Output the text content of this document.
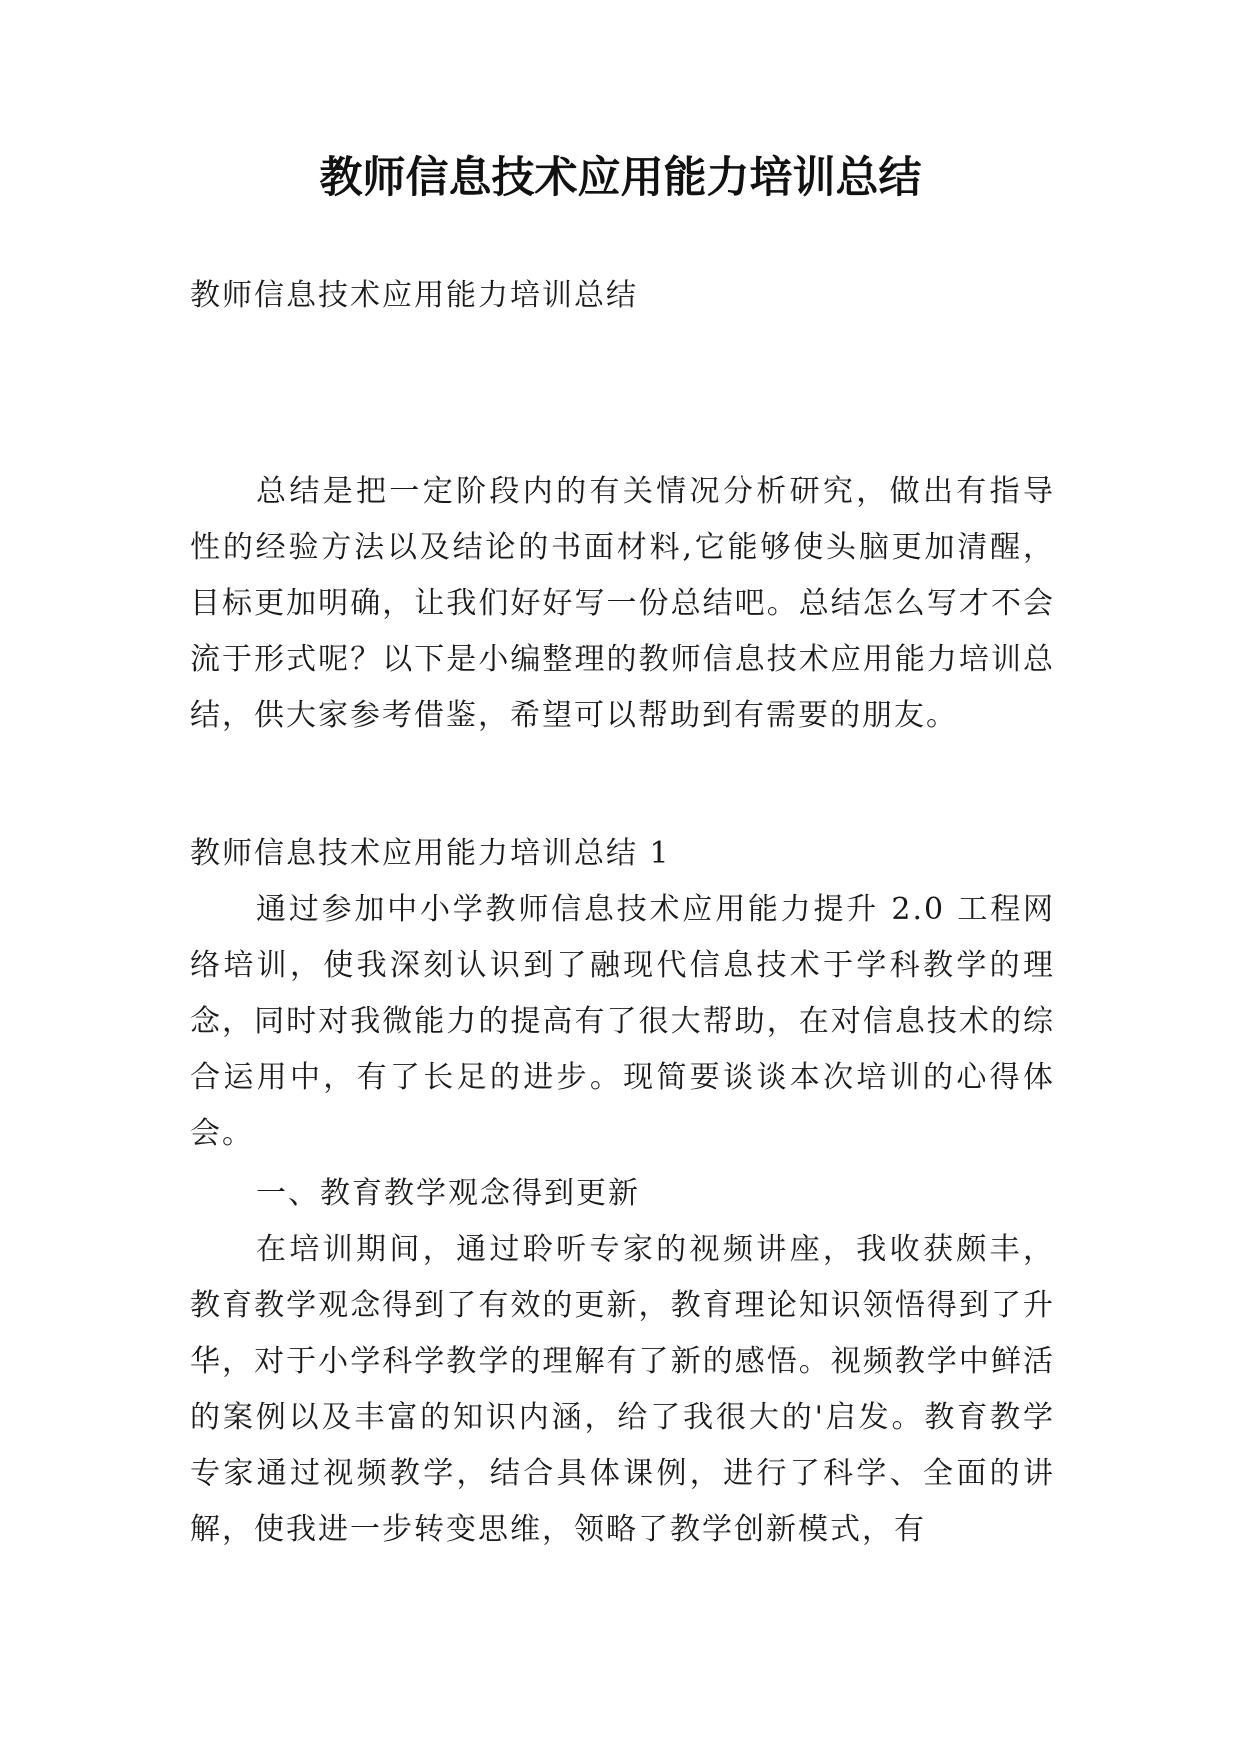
教师信息技术应用能力培训总结

教师信息技术应用能力培训总结

总结是把一定阶段内的有关情况分析研究，做出有指导性的经验方法以及结论的书面材料,它能够使头脑更加清醒，目标更加明确，让我们好好写一份总结吧。总结怎么写才不会流于形式呢？以下是小编整理的教师信息技术应用能力培训总结，供大家参考借鉴，希望可以帮助到有需要的朋友。

教师信息技术应用能力培训总结 1

通过参加中小学教师信息技术应用能力提升 2.0 工程网络培训，使我深刻认识到了融现代信息技术于学科教学的理念，同时对我微能力的提高有了很大帮助，在对信息技术的综合运用中，有了长足的进步。现简要谈谈本次培训的心得体会。

一、教育教学观念得到更新

在培训期间，通过聆听专家的视频讲座，我收获颇丰，教育教学观念得到了有效的更新，教育理论知识领悟得到了升华，对于小学科学教学的理解有了新的感悟。视频教学中鲜活的案例以及丰富的知识内涵，给了我很大的'启发。教育教学专家通过视频教学，结合具体课例，进行了科学、全面的讲解，使我进一步转变思维，领略了教学创新模式，有
